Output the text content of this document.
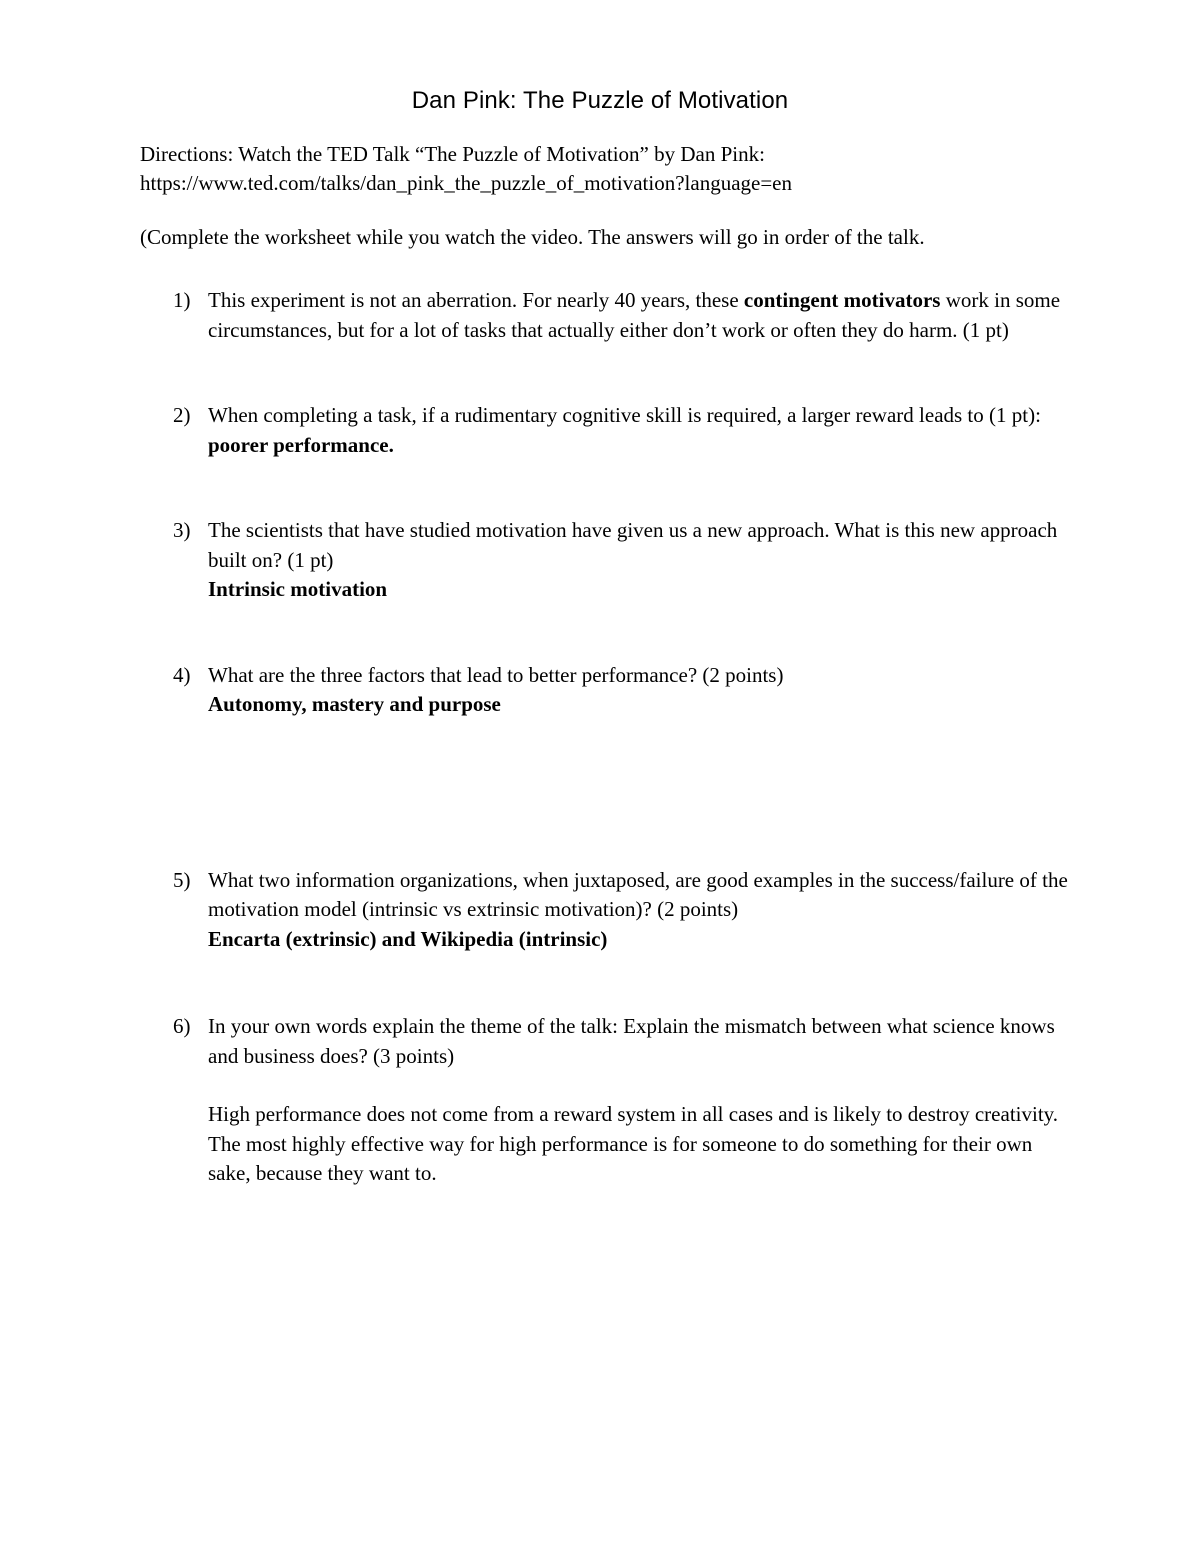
Dan Pink: The Puzzle of Motivation

Directions: Watch the TED Talk “The Puzzle of Motivation” by Dan Pink:

https://www.ted.com/talks/dan_pink_the_puzzle_of_motivation?language=en

(Complete the worksheet while you watch the video. The answers will go in order of the talk.

1) This experiment is not an aberration. For nearly 40 years, these contingent motivators work in some circumstances, but for a lot of tasks that actually either don’t work or often they do harm. (1 pt)
2) When completing a task, if a rudimentary cognitive skill is required, a larger reward leads to (1 pt): poorer performance.
3) The scientists that have studied motivation have given us a new approach. What is this new approach built on? (1 pt)
Intrinsic motivation
4) What are the three factors that lead to better performance? (2 points)
Autonomy, mastery and purpose
5) What two information organizations, when juxtaposed, are good examples in the success/failure of the motivation model (intrinsic vs extrinsic motivation)? (2 points)
Encarta (extrinsic) and Wikipedia (intrinsic)
6) In your own words explain the theme of the talk: Explain the mismatch between what science knows and business does? (3 points)
High performance does not come from a reward system in all cases and is likely to destroy creativity. The most highly effective way for high performance is for someone to do something for their own sake, because they want to.
